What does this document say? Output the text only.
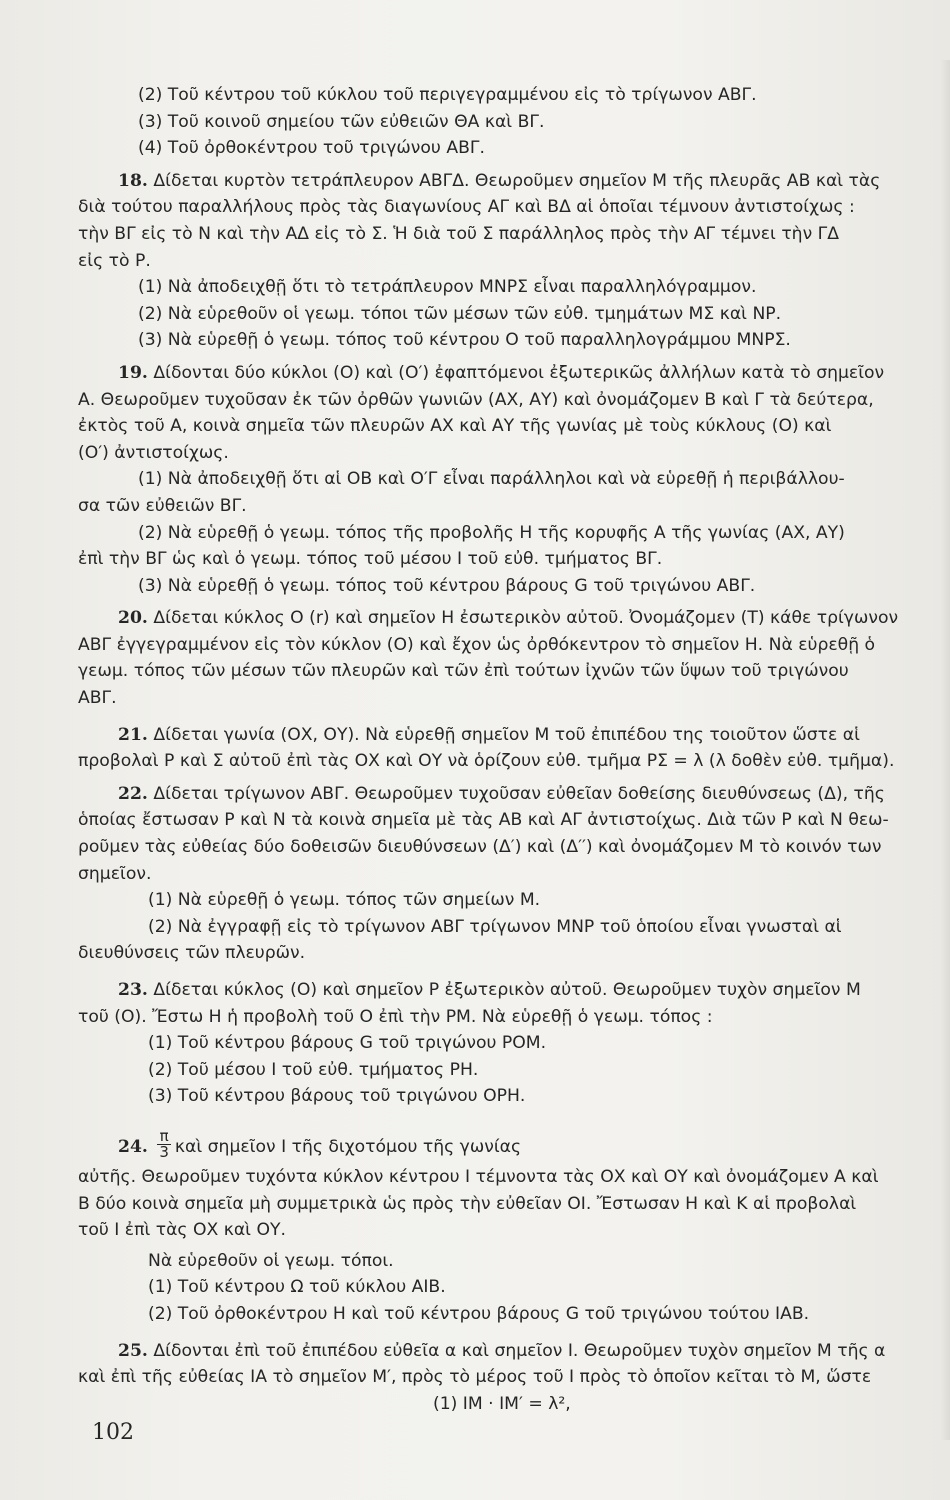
(2) Τοῦ κέντρου τοῦ κύκλου τοῦ περιγεγραμμένου εἰς τὸ τρίγωνον ΑΒΓ.
(3) Τοῦ κοινοῦ σημείου τῶν εὐθειῶν ΘΑ καὶ ΒΓ.
(4) Τοῦ ὀρθοκέντρου τοῦ τριγώνου ΑΒΓ.
18. Δίδεται κυρτὸν τετράπλευρον ΑΒΓΔ. Θεωροῦμεν σημεῖον Μ τῆς πλευρᾶς ΑΒ καὶ τὰς
διὰ τούτου παραλλήλους πρὸς τὰς διαγωνίους ΑΓ καὶ ΒΔ αἱ ὁποῖαι τέμνουν ἀντιστοίχως :
τὴν ΒΓ εἰς τὸ Ν καὶ τὴν ΑΔ εἰς τὸ Σ. Ἡ διὰ τοῦ Σ παράλληλος πρὸς τὴν ΑΓ τέμνει τὴν ΓΔ
εἰς τὸ Ρ.
(1) Νὰ ἀποδειχθῇ ὅτι τὸ τετράπλευρον ΜΝΡΣ εἶναι παραλληλόγραμμον.
(2) Νὰ εὑρεθοῦν οἱ γεωμ. τόποι τῶν μέσων τῶν εὐθ. τμημάτων ΜΣ καὶ ΝΡ.
(3) Νὰ εὑρεθῇ ὁ γεωμ. τόπος τοῦ κέντρου Ο τοῦ παραλληλογράμμου ΜΝΡΣ.
19. Δίδονται δύο κύκλοι (Ο) καὶ (Ο′) ἐφαπτόμενοι ἐξωτερικῶς ἀλλήλων κατὰ τὸ σημεῖον
Α. Θεωροῦμεν τυχοῦσαν ἐκ τῶν ὀρθῶν γωνιῶν (ΑΧ, ΑΥ) καὶ ὀνομάζομεν Β καὶ Γ τὰ δεύτερα,
ἐκτὸς τοῦ Α, κοινὰ σημεῖα τῶν πλευρῶν ΑΧ καὶ ΑΥ τῆς γωνίας μὲ τοὺς κύκλους (Ο) καὶ
(Ο′) ἀντιστοίχως.
(1) Νὰ ἀποδειχθῇ ὅτι αἱ ΟΒ καὶ Ο′Γ εἶναι παράλληλοι καὶ νὰ εὑρεθῇ ἡ περιβάλλου-
σα τῶν εὐθειῶν ΒΓ.
(2) Νὰ εὑρεθῇ ὁ γεωμ. τόπος τῆς προβολῆς Η τῆς κορυφῆς Α τῆς γωνίας (ΑΧ, ΑΥ)
ἐπὶ τὴν ΒΓ ὡς καὶ ὁ γεωμ. τόπος τοῦ μέσου Ι τοῦ εὐθ. τμήματος ΒΓ.
(3) Νὰ εὑρεθῇ ὁ γεωμ. τόπος τοῦ κέντρου βάρους G τοῦ τριγώνου ΑΒΓ.
20. Δίδεται κύκλος Ο (r) καὶ σημεῖον Η ἐσωτερικὸν αὐτοῦ. Ὀνομάζομεν (Τ) κάθε τρίγωνον
ΑΒΓ ἐγγεγραμμένον εἰς τὸν κύκλον (Ο) καὶ ἔχον ὡς ὀρθόκεντρον τὸ σημεῖον Η. Νὰ εὑρεθῇ ὁ
γεωμ. τόπος τῶν μέσων τῶν πλευρῶν καὶ τῶν ἐπὶ τούτων ἰχνῶν τῶν ὕψων τοῦ τριγώνου
ΑΒΓ.
21. Δίδεται γωνία (ΟΧ, ΟΥ). Νὰ εὑρεθῇ σημεῖον Μ τοῦ ἐπιπέδου της τοιοῦτον ὥστε αἱ
προβολαὶ Ρ καὶ Σ αὐτοῦ ἐπὶ τὰς ΟΧ καὶ ΟΥ νὰ ὁρίζουν εὐθ. τμῆμα ΡΣ = λ (λ δοθὲν εὐθ. τμῆμα).
22. Δίδεται τρίγωνον ΑΒΓ. Θεωροῦμεν τυχοῦσαν εὐθεῖαν δοθείσης διευθύνσεως (Δ), τῆς
ὁποίας ἔστωσαν Ρ καὶ Ν τὰ κοινὰ σημεῖα μὲ τὰς ΑΒ καὶ ΑΓ ἀντιστοίχως. Διὰ τῶν Ρ καὶ Ν θεω-
ροῦμεν τὰς εὐθείας δύο δοθεισῶν διευθύνσεων (Δ′) καὶ (Δ′′) καὶ ὀνομάζομεν Μ τὸ κοινόν των
σημεῖον.
(1) Νὰ εὑρεθῇ ὁ γεωμ. τόπος τῶν σημείων Μ.
(2) Νὰ ἐγγραφῇ εἰς τὸ τρίγωνον ΑΒΓ τρίγωνον ΜΝΡ τοῦ ὁποίου εἶναι γνωσταὶ αἱ
διευθύνσεις τῶν πλευρῶν.
23. Δίδεται κύκλος (Ο) καὶ σημεῖον Ρ ἐξωτερικὸν αὐτοῦ. Θεωροῦμεν τυχὸν σημεῖον Μ
τοῦ (Ο). Ἔστω Η ἡ προβολὴ τοῦ Ο ἐπὶ τὴν ΡΜ. Νὰ εὑρεθῇ ὁ γεωμ. τόπος :
(1) Τοῦ κέντρου βάρους G τοῦ τριγώνου ΡΟΜ.
(2) Τοῦ μέσου Ι τοῦ εὐθ. τμήματος ΡΗ.
(3) Τοῦ κέντρου βάρους τοῦ τριγώνου ΟΡΗ.
24. $\frac{\pi}{3}$ καὶ σημεῖον Ι τῆς διχοτόμου τῆς γωνίας
αὐτῆς. Θεωροῦμεν τυχόντα κύκλον κέντρου Ι τέμνοντα τὰς ΟΧ καὶ ΟΥ καὶ ὀνομάζομεν Α καὶ
Β δύο κοινὰ σημεῖα μὴ συμμετρικὰ ὡς πρὸς τὴν εὐθεῖαν ΟΙ. Ἔστωσαν Η καὶ Κ αἱ προβολαὶ
τοῦ Ι ἐπὶ τὰς ΟΧ καὶ ΟΥ.
Νὰ εὑρεθοῦν οἱ γεωμ. τόποι.
(1) Τοῦ κέντρου Ω τοῦ κύκλου ΑΙΒ.
(2) Τοῦ ὀρθοκέντρου Η καὶ τοῦ κέντρου βάρους G τοῦ τριγώνου τούτου ΙΑΒ.
25. Δίδονται ἐπὶ τοῦ ἐπιπέδου εὐθεῖα α καὶ σημεῖον Ι. Θεωροῦμεν τυχὸν σημεῖον Μ τῆς α
καὶ ἐπὶ τῆς εὐθείας ΙΑ τὸ σημεῖον Μ′, πρὸς τὸ μέρος τοῦ Ι πρὸς τὸ ὁποῖον κεῖται τὸ Μ, ὥστε
(1) ΙΜ · ΙΜ′ = λ²,
102
